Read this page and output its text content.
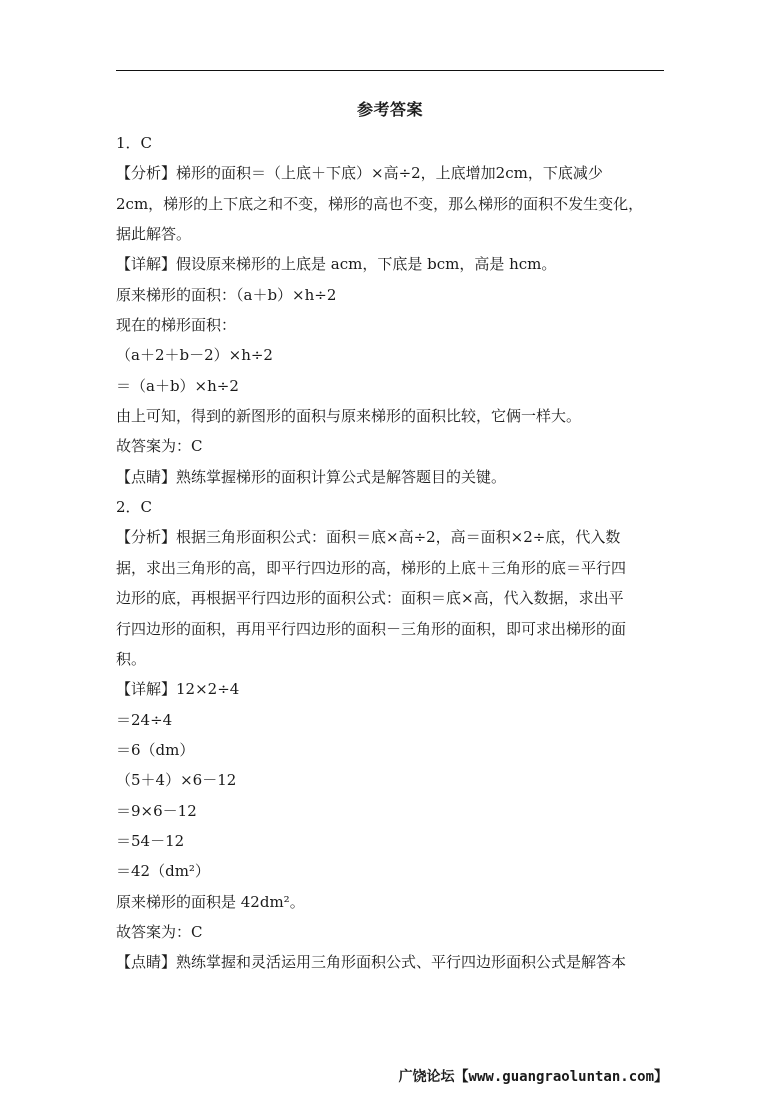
参考答案
1．C
【分析】梯形的面积＝（上底＋下底）×高÷2，上底增加2cm，下底减少
2cm，梯形的上下底之和不变，梯形的高也不变，那么梯形的面积不发生变化，
据此解答。
【详解】假设原来梯形的上底是 acm，下底是 bcm，高是 hcm。
原来梯形的面积：（a＋b）×h÷2
现在的梯形面积：
（a＋2＋b－2）×h÷2
＝（a＋b）×h÷2
由上可知，得到的新图形的面积与原来梯形的面积比较，它俩一样大。
故答案为：C
【点睛】熟练掌握梯形的面积计算公式是解答题目的关键。
2．C
【分析】根据三角形面积公式：面积＝底×高÷2，高＝面积×2÷底，代入数
据，求出三角形的高，即平行四边形的高，梯形的上底＋三角形的底＝平行四
边形的底，再根据平行四边形的面积公式：面积＝底×高，代入数据，求出平
行四边形的面积，再用平行四边形的面积－三角形的面积，即可求出梯形的面
积。
【详解】12×2÷4
＝24÷4
＝6（dm）
（5＋4）×6－12
＝9×6－12
＝54－12
＝42（dm²）
原来梯形的面积是 42dm²。
故答案为：C
【点睛】熟练掌握和灵活运用三角形面积公式、平行四边形面积公式是解答本
广饶论坛【www.guangraoluntan.com】
